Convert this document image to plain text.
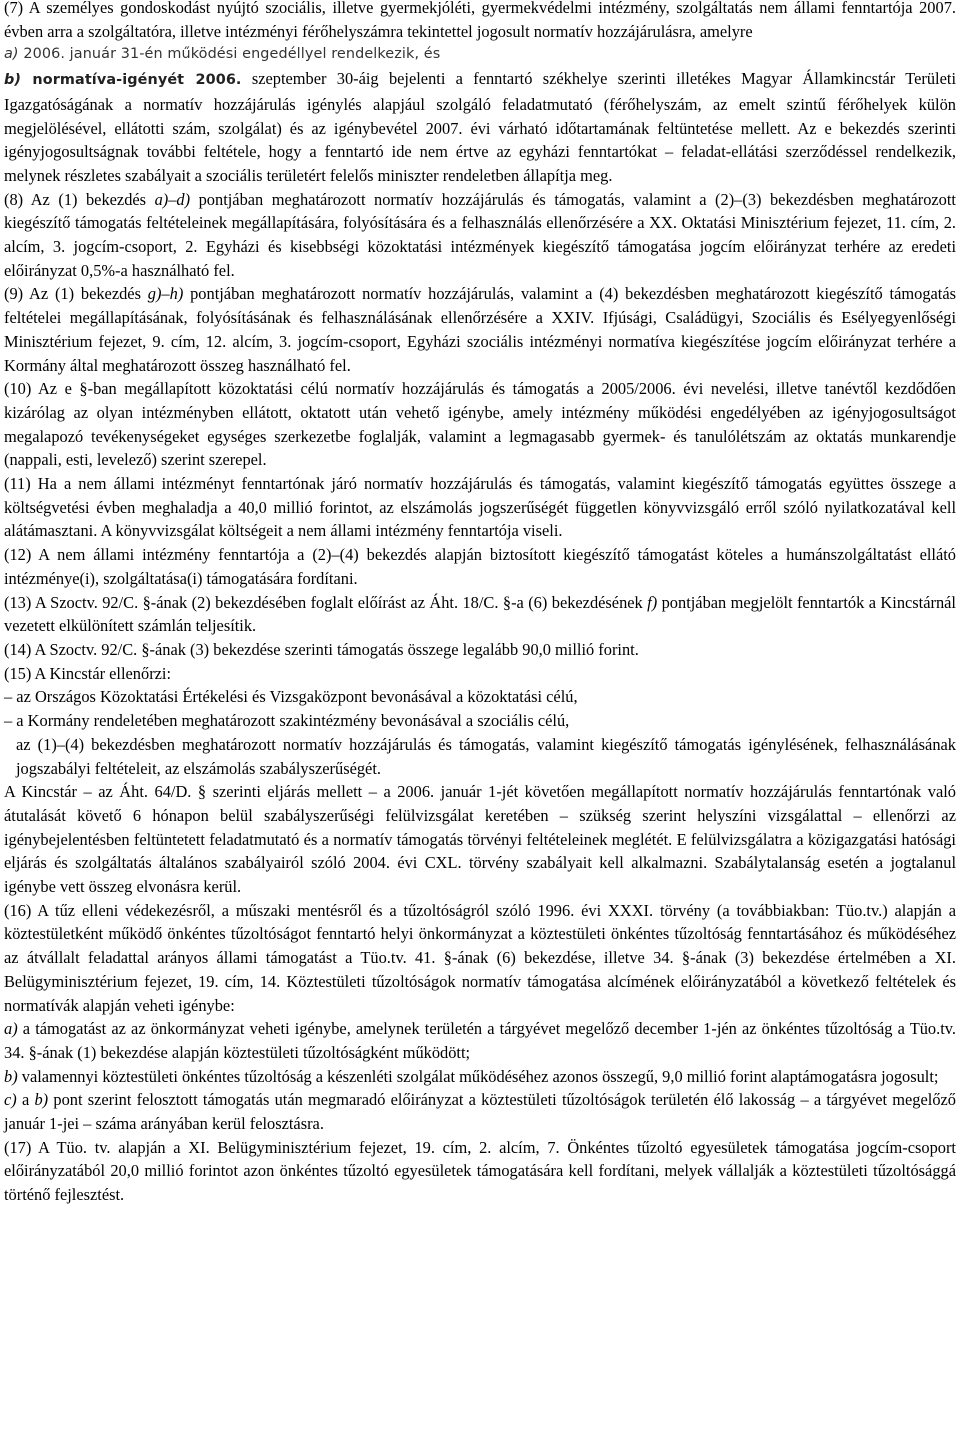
(7) A személyes gondoskodást nyújtó szociális, illetve gyermekjóléti, gyermekvédelmi intézmény, szolgáltatás nem állami fenntartója 2007. évben arra a szolgáltatóra, illetve intézményi férőhelyszámra tekintettel jogosult normatív hozzájárulásra, amelyre

a) 2006. január 31-én működési engedéllyel rendelkezik, és

b) normatíva-igényét 2006. szeptember 30-áig bejelenti a fenntartó székhelye szerinti illetékes Magyar Államkincstár Területi Igazgatóságának a normatív hozzájárulás igénylés alapjául szolgáló feladatmutató (férőhelyszám, az emelt szintű férőhelyek külön megjelölésével, ellátotti szám, szolgálat) és az igénybevétel 2007. évi várható időtartamának feltüntetése mellett. Az e bekezdés szerinti igényjogosultságnak további feltétele, hogy a fenntartó ide nem értve az egyházi fenntartókat – feladat-ellátási szerződéssel rendelkezik, melynek részletes szabályait a szociális területért felelős miniszter rendeletben állapítja meg.

(8) Az (1) bekezdés a)–d) pontjában meghatározott normatív hozzájárulás és támogatás, valamint a (2)–(3) bekezdésben meghatározott kiegészítő támogatás feltételeinek megállapítására, folyósítására és a felhasználás ellenőrzésére a XX. Oktatási Minisztérium fejezet, 11. cím, 2. alcím, 3. jogcím-csoport, 2. Egyházi és kisebbségi közoktatási intézmények kiegészítő támogatása jogcím előirányzat terhére az eredeti előirányzat 0,5%-a használható fel.

(9) Az (1) bekezdés g)–h) pontjában meghatározott normatív hozzájárulás, valamint a (4) bekezdésben meghatározott kiegészítő támogatás feltételei megállapításának, folyósításának és felhasználásának ellenőrzésére a XXIV. Ifjúsági, Családügyi, Szociális és Esélyegyenlőségi Minisztérium fejezet, 9. cím, 12. alcím, 3. jogcím-csoport, Egyházi szociális intézményi normatíva kiegészítése jogcím előirányzat terhére a Kormány által meghatározott összeg használható fel.

(10) Az e §-ban megállapított közoktatási célú normatív hozzájárulás és támogatás a 2005/2006. évi nevelési, illetve tanévtől kezdődően kizárólag az olyan intézményben ellátott, oktatott után vehető igénybe, amely intézmény működési engedélyében az igényjogosultságot megalapozó tevékenységeket egységes szerkezetbe foglalják, valamint a legmagasabb gyermek- és tanulólétszám az oktatás munkarendje (nappali, esti, levelező) szerint szerepel.

(11) Ha a nem állami intézményt fenntartónak járó normatív hozzájárulás és támogatás, valamint kiegészítő támogatás együttes összege a költségvetési évben meghaladja a 40,0 millió forintot, az elszámolás jogszerűségét független könyvvizsgáló erről szóló nyilatkozatával kell alátámasztani. A könyvvizsgálat költségeit a nem állami intézmény fenntartója viseli.

(12) A nem állami intézmény fenntartója a (2)–(4) bekezdés alapján biztosított kiegészítő támogatást köteles a humánszolgáltatást ellátó intézménye(i), szolgáltatása(i) támogatására fordítani.

(13) A Szoctv. 92/C. §-ának (2) bekezdésében foglalt előírást az Áht. 18/C. §-a (6) bekezdésének f) pontjában megjelölt fenntartók a Kincstárnál vezetett elkülönített számlán teljesítik.

(14) A Szoctv. 92/C. §-ának (3) bekezdése szerinti támogatás összege legalább 90,0 millió forint.

(15) A Kincstár ellenőrzi:

– az Országos Közoktatási Értékelési és Vizsgaközpont bevonásával a közoktatási célú,

– a Kormány rendeletében meghatározott szakintézmény bevonásával a szociális célú,

az (1)–(4) bekezdésben meghatározott normatív hozzájárulás és támogatás, valamint kiegészítő támogatás igénylésének, felhasználásának jogszabályi feltételeit, az elszámolás szabályszerűségét.

A Kincstár – az Áht. 64/D. § szerinti eljárás mellett – a 2006. január 1-jét követően megállapított normatív hozzájárulás fenntartónak való átutalását követő 6 hónapon belül szabályszerűségi felülvizsgálat keretében – szükség szerint helyszíni vizsgálattal – ellenőrzi az igénybejelentésben feltüntetett feladatmutató és a normatív támogatás törvényi feltételeinek meglétét. E felülvizsgálatra a közigazgatási hatósági eljárás és szolgáltatás általános szabályairól szóló 2004. évi CXL. törvény szabályait kell alkalmazni. Szabálytalanság esetén a jogtalanul igénybe vett összeg elvonásra kerül.

(16) A tűz elleni védekezésről, a műszaki mentésről és a tűzoltóságról szóló 1996. évi XXXI. törvény (a továbbiakban: Tüo.tv.) alapján a köztestületként működő önkéntes tűzoltóságot fenntartó helyi önkormányzat a köztestületi önkéntes tűzoltóság fenntartásához és működéséhez az átvállalt feladattal arányos állami támogatást a Tüo.tv. 41. §-ának (6) bekezdése, illetve 34. §-ának (3) bekezdése értelmében a XI. Belügyminisztérium fejezet, 19. cím, 14. Köztestületi tűzoltóságok normatív támogatása alcímének előirányzatából a következő feltételek és normatívák alapján veheti igénybe:

a) a támogatást az az önkormányzat veheti igénybe, amelynek területén a tárgyévet megelőző december 1-jén az önkéntes tűzoltóság a Tüo.tv. 34. §-ának (1) bekezdése alapján köztestületi tűzoltóságként működött;

b) valamennyi köztestületi önkéntes tűzoltóság a készenléti szolgálat működéséhez azonos összegű, 9,0 millió forint alaptámogatásra jogosult;

c) a b) pont szerint felosztott támogatás után megmaradó előirányzat a köztestületi tűzoltóságok területén élő lakosság – a tárgyévet megelőző január 1-jei – száma arányában kerül felosztásra.

(17) A Tüo. tv. alapján a XI. Belügyminisztérium fejezet, 19. cím, 2. alcím, 7. Önkéntes tűzoltó egyesületek támogatása jogcím-csoport előirányzatából 20,0 millió forintot azon önkéntes tűzoltó egyesületek támogatására kell fordítani, melyek vállalják a köztestületi tűzoltósággá történő fejlesztést.
